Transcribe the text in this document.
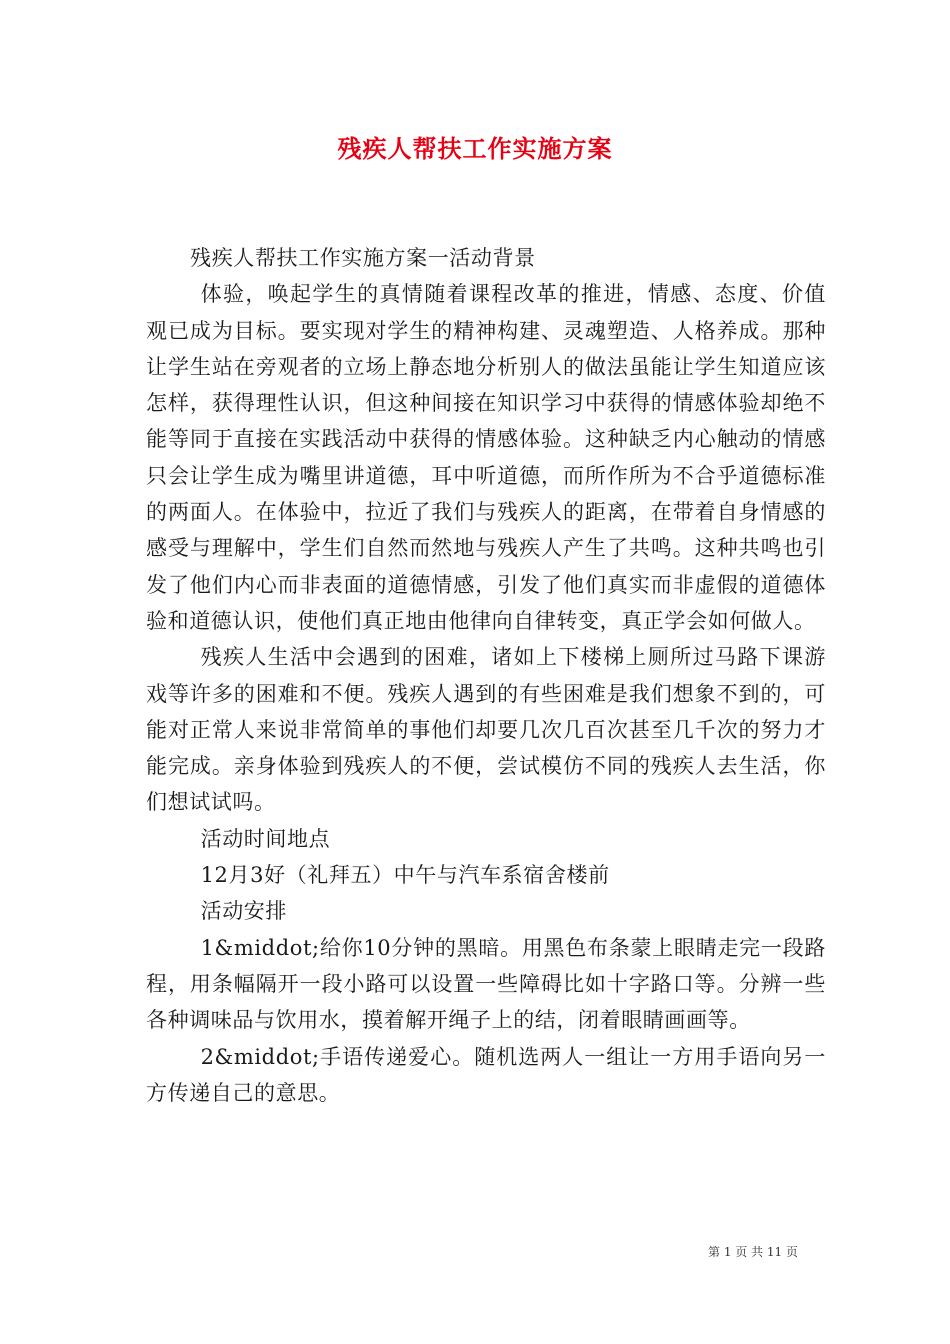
残疾人帮扶工作实施方案

残疾人帮扶工作实施方案一活动背景

体验，唤起学生的真情随着课程改革的推进，情感、态度、价值观已成为目标。要实现对学生的精神构建、灵魂塑造、人格养成。那种让学生站在旁观者的立场上静态地分析别人的做法虽能让学生知道应该怎样，获得理性认识，但这种间接在知识学习中获得的情感体验却绝不能等同于直接在实践活动中获得的情感体验。这种缺乏内心触动的情感只会让学生成为嘴里讲道德，耳中听道德，而所作所为不合乎道德标准的两面人。在体验中，拉近了我们与残疾人的距离，在带着自身情感的感受与理解中，学生们自然而然地与残疾人产生了共鸣。这种共鸣也引发了他们内心而非表面的道德情感，引发了他们真实而非虚假的道德体验和道德认识，使他们真正地由他律向自律转变，真正学会如何做人。

残疾人生活中会遇到的困难，诸如上下楼梯上厕所过马路下课游戏等许多的困难和不便。残疾人遇到的有些困难是我们想象不到的，可能对正常人来说非常简单的事他们却要几次几百次甚至几千次的努力才能完成。亲身体验到残疾人的不便，尝试模仿不同的残疾人去生活，你们想试试吗。

活动时间地点

12月3好（礼拜五）中午与汽车系宿舍楼前

活动安排

1&middot;给你10分钟的黑暗。用黑色布条蒙上眼睛走完一段路程，用条幅隔开一段小路可以设置一些障碍比如十字路口等。分辨一些各种调味品与饮用水，摸着解开绳子上的结，闭着眼睛画画等。

2&middot;手语传递爱心。随机选两人一组让一方用手语向另一方传递自己的意思。

第 1 页 共 11 页
